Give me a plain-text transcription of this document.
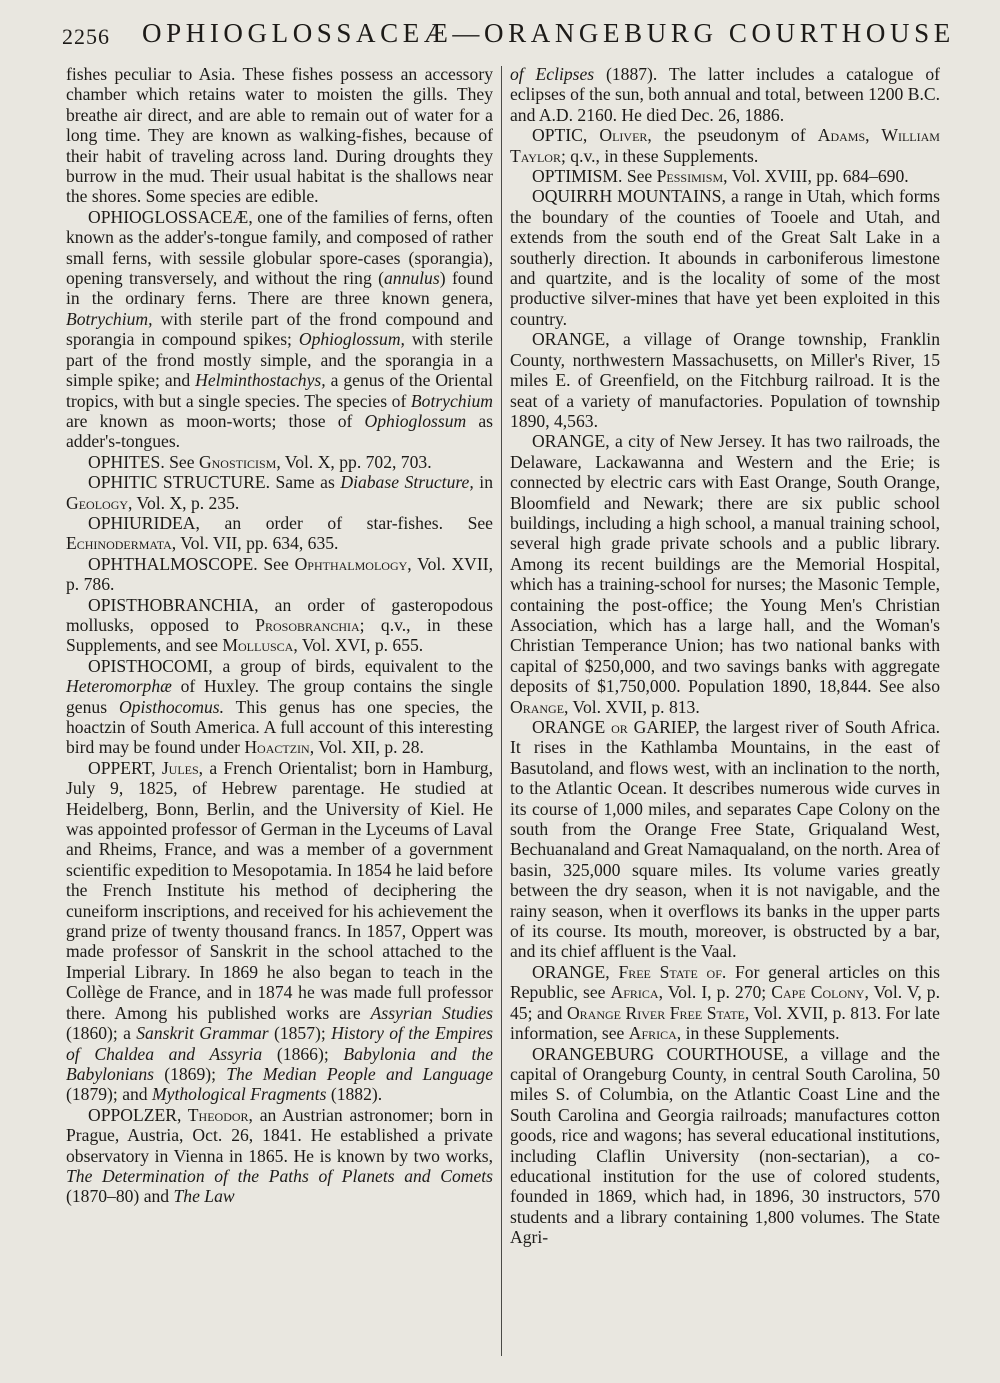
2256 OPHIOGLOSSACEÆ—ORANGEBURG COURTHOUSE

fishes peculiar to Asia. These fishes possess an accessory chamber which retains water to moisten the gills. They breathe air direct, and are able to remain out of water for a long time. They are known as walking-fishes, because of their habit of traveling across land. During droughts they burrow in the mud. Their usual habitat is the shallows near the shores. Some species are edible.

OPHIOGLOSSACEÆ, one of the families of ferns, often known as the adder's-tongue family, and composed of rather small ferns, with sessile globular spore-cases (sporangia), opening transversely, and without the ring (annulus) found in the ordinary ferns. There are three known genera, Botrychium, with sterile part of the frond compound and sporangia in compound spikes; Ophioglossum, with sterile part of the frond mostly simple, and the sporangia in a simple spike; and Helminthostachys, a genus of the Oriental tropics, with but a single species. The species of Botrychium are known as moon-worts; those of Ophioglossum as adder's-tongues.

OPHITES. See Gnosticism, Vol. X, pp. 702, 703.

OPHITIC STRUCTURE. Same as Diabase Structure, in Geology, Vol. X, p. 235.

OPHIURIDEA, an order of star-fishes. See Echinodermata, Vol. VII, pp. 634, 635.

OPHTHALMOSCOPE. See Ophthalmology, Vol. XVII, p. 786.

OPISTHOBRANCHIA, an order of gasteropodous mollusks, opposed to Prosobranchia; q.v., in these Supplements, and see Mollusca, Vol. XVI, p. 655.

OPISTHOCOMI, a group of birds, equivalent to the Heteromorphæ of Huxley. The group contains the single genus Opisthocomus. This genus has one species, the hoactzin of South America. A full account of this interesting bird may be found under Hoactzin, Vol. XII, p. 28.

OPPERT, Jules, a French Orientalist; born in Hamburg, July 9, 1825, of Hebrew parentage. He studied at Heidelberg, Bonn, Berlin, and the University of Kiel. He was appointed professor of German in the Lyceums of Laval and Rheims, France, and was a member of a government scientific expedition to Mesopotamia. In 1854 he laid before the French Institute his method of deciphering the cuneiform inscriptions, and received for his achievement the grand prize of twenty thousand francs. In 1857, Oppert was made professor of Sanskrit in the school attached to the Imperial Library. In 1869 he also began to teach in the Collège de France, and in 1874 he was made full professor there. Among his published works are Assyrian Studies (1860); a Sanskrit Grammar (1857); History of the Empires of Chaldea and Assyria (1866); Babylonia and the Babylonians (1869); The Median People and Language (1879); and Mythological Fragments (1882).

OPPOLZER, Theodor, an Austrian astronomer; born in Prague, Austria, Oct. 26, 1841. He established a private observatory in Vienna in 1865. He is known by two works, The Determination of the Paths of Planets and Comets (1870–80) and The Law

of Eclipses (1887). The latter includes a catalogue of eclipses of the sun, both annual and total, between 1200 B.C. and A.D. 2160. He died Dec. 26, 1886.

OPTIC, Oliver, the pseudonym of Adams, William Taylor; q.v., in these Supplements.

OPTIMISM. See Pessimism, Vol. XVIII, pp. 684–690.

OQUIRRH MOUNTAINS, a range in Utah, which forms the boundary of the counties of Tooele and Utah, and extends from the south end of the Great Salt Lake in a southerly direction. It abounds in carboniferous limestone and quartzite, and is the locality of some of the most productive silver-mines that have yet been exploited in this country.

ORANGE, a village of Orange township, Franklin County, northwestern Massachusetts, on Miller's River, 15 miles E. of Greenfield, on the Fitchburg railroad. It is the seat of a variety of manufactories. Population of township 1890, 4,563.

ORANGE, a city of New Jersey. It has two railroads, the Delaware, Lackawanna and Western and the Erie; is connected by electric cars with East Orange, South Orange, Bloomfield and Newark; there are six public school buildings, including a high school, a manual training school, several high grade private schools and a public library. Among its recent buildings are the Memorial Hospital, which has a training-school for nurses; the Masonic Temple, containing the post-office; the Young Men's Christian Association, which has a large hall, and the Woman's Christian Temperance Union; has two national banks with capital of $250,000, and two savings banks with aggregate deposits of $1,750,000. Population 1890, 18,844. See also Orange, Vol. XVII, p. 813.

ORANGE or GARIEP, the largest river of South Africa. It rises in the Kathlamba Mountains, in the east of Basutoland, and flows west, with an inclination to the north, to the Atlantic Ocean. It describes numerous wide curves in its course of 1,000 miles, and separates Cape Colony on the south from the Orange Free State, Griqualand West, Bechuanaland and Great Namaqualand, on the north. Area of basin, 325,000 square miles. Its volume varies greatly between the dry season, when it is not navigable, and the rainy season, when it overflows its banks in the upper parts of its course. Its mouth, moreover, is obstructed by a bar, and its chief affluent is the Vaal.

ORANGE, Free State of. For general articles on this Republic, see Africa, Vol. I, p. 270; Cape Colony, Vol. V, p. 45; and Orange River Free State, Vol. XVII, p. 813. For late information, see Africa, in these Supplements.

ORANGEBURG COURTHOUSE, a village and the capital of Orangeburg County, in central South Carolina, 50 miles S. of Columbia, on the Atlantic Coast Line and the South Carolina and Georgia railroads; manufactures cotton goods, rice and wagons; has several educational institutions, including Claflin University (non-sectarian), a co-educational institution for the use of colored students, founded in 1869, which had, in 1896, 30 instructors, 570 students and a library containing 1,800 volumes. The State Agri-
